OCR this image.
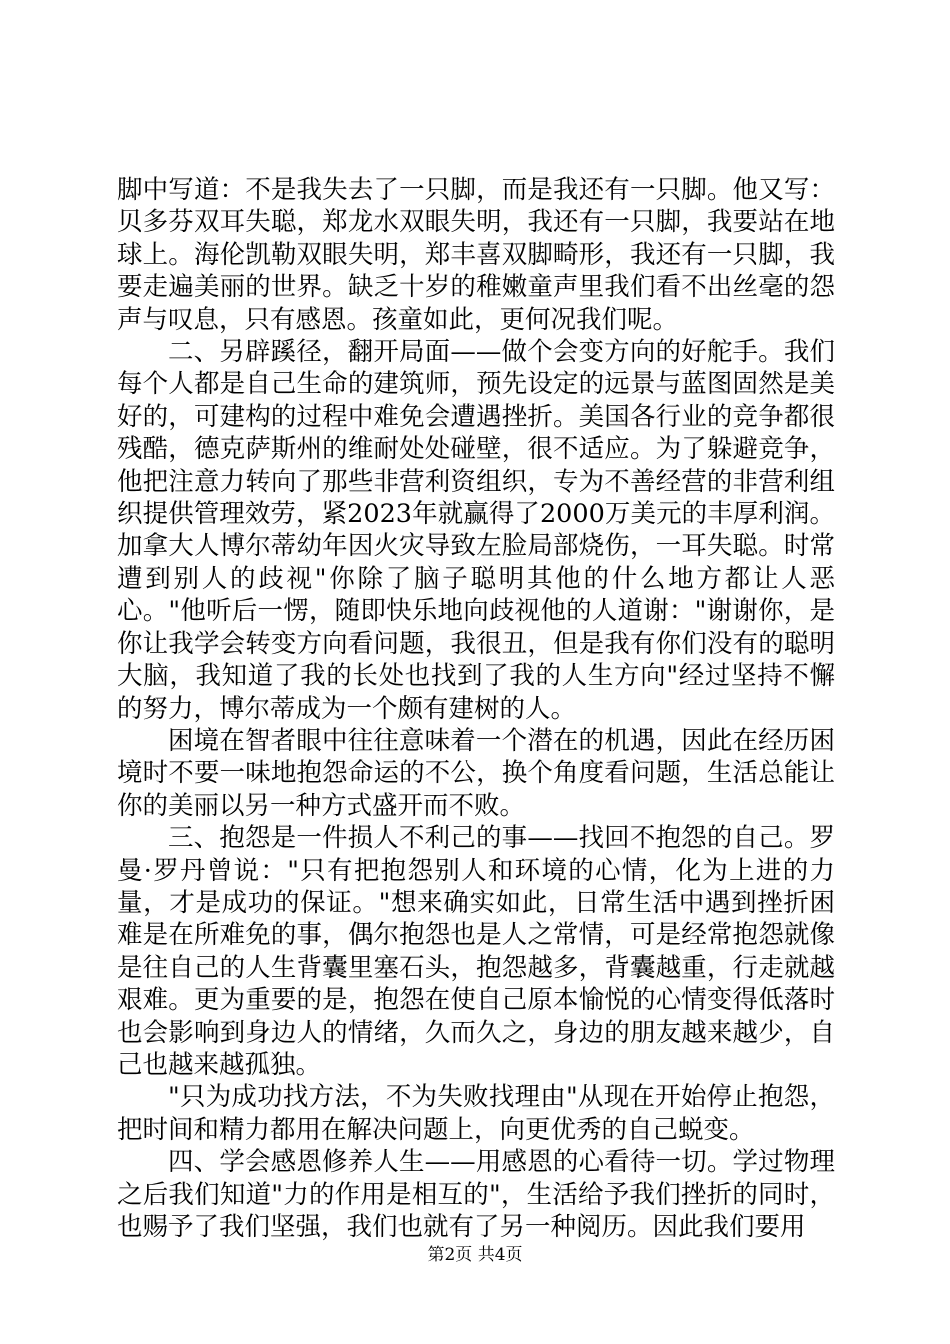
脚中写道：不是我失去了一只脚，而是我还有一只脚。他又写：贝多芬双耳失聪，郑龙水双眼失明，我还有一只脚，我要站在地球上。海伦凯勒双眼失明，郑丰喜双脚畸形，我还有一只脚，我要走遍美丽的世界。缺乏十岁的稚嫩童声里我们看不出丝毫的怨声与叹息，只有感恩。孩童如此，更何况我们呢。

二、另辟蹊径，翻开局面——做个会变方向的好舵手。我们每个人都是自己生命的建筑师，预先设定的远景与蓝图固然是美好的，可建构的过程中难免会遭遇挫折。美国各行业的竞争都很残酷，德克萨斯州的维耐处处碰壁，很不适应。为了躲避竞争，他把注意力转向了那些非营利资组织，专为不善经营的非营利组织提供管理效劳，紧2023年就赢得了2000万美元的丰厚利润。加拿大人博尔蒂幼年因火灾导致左脸局部烧伤，一耳失聪。时常遭到别人的歧视"你除了脑子聪明其他的什么地方都让人恶心。"他听后一愣，随即快乐地向歧视他的人道谢："谢谢你，是你让我学会转变方向看问题，我很丑，但是我有你们没有的聪明大脑，我知道了我的长处也找到了我的人生方向"经过坚持不懈的努力，博尔蒂成为一个颇有建树的人。

困境在智者眼中往往意味着一个潜在的机遇，因此在经历困境时不要一味地抱怨命运的不公，换个角度看问题，生活总能让你的美丽以另一种方式盛开而不败。

三、抱怨是一件损人不利己的事——找回不抱怨的自己。罗曼·罗丹曾说："只有把抱怨别人和环境的心情，化为上进的力量，才是成功的保证。"想来确实如此，日常生活中遇到挫折困难是在所难免的事，偶尔抱怨也是人之常情，可是经常抱怨就像是往自己的人生背囊里塞石头，抱怨越多，背囊越重，行走就越艰难。更为重要的是，抱怨在使自己原本愉悦的心情变得低落时也会影响到身边人的情绪，久而久之，身边的朋友越来越少，自己也越来越孤独。

"只为成功找方法，不为失败找理由"从现在开始停止抱怨，把时间和精力都用在解决问题上，向更优秀的自己蜕变。

四、学会感恩修养人生——用感恩的心看待一切。学过物理之后我们知道"力的作用是相互的"，生活给予我们挫折的同时，也赐予了我们坚强，我们也就有了另一种阅历。因此我们要用

第2页 共4页
